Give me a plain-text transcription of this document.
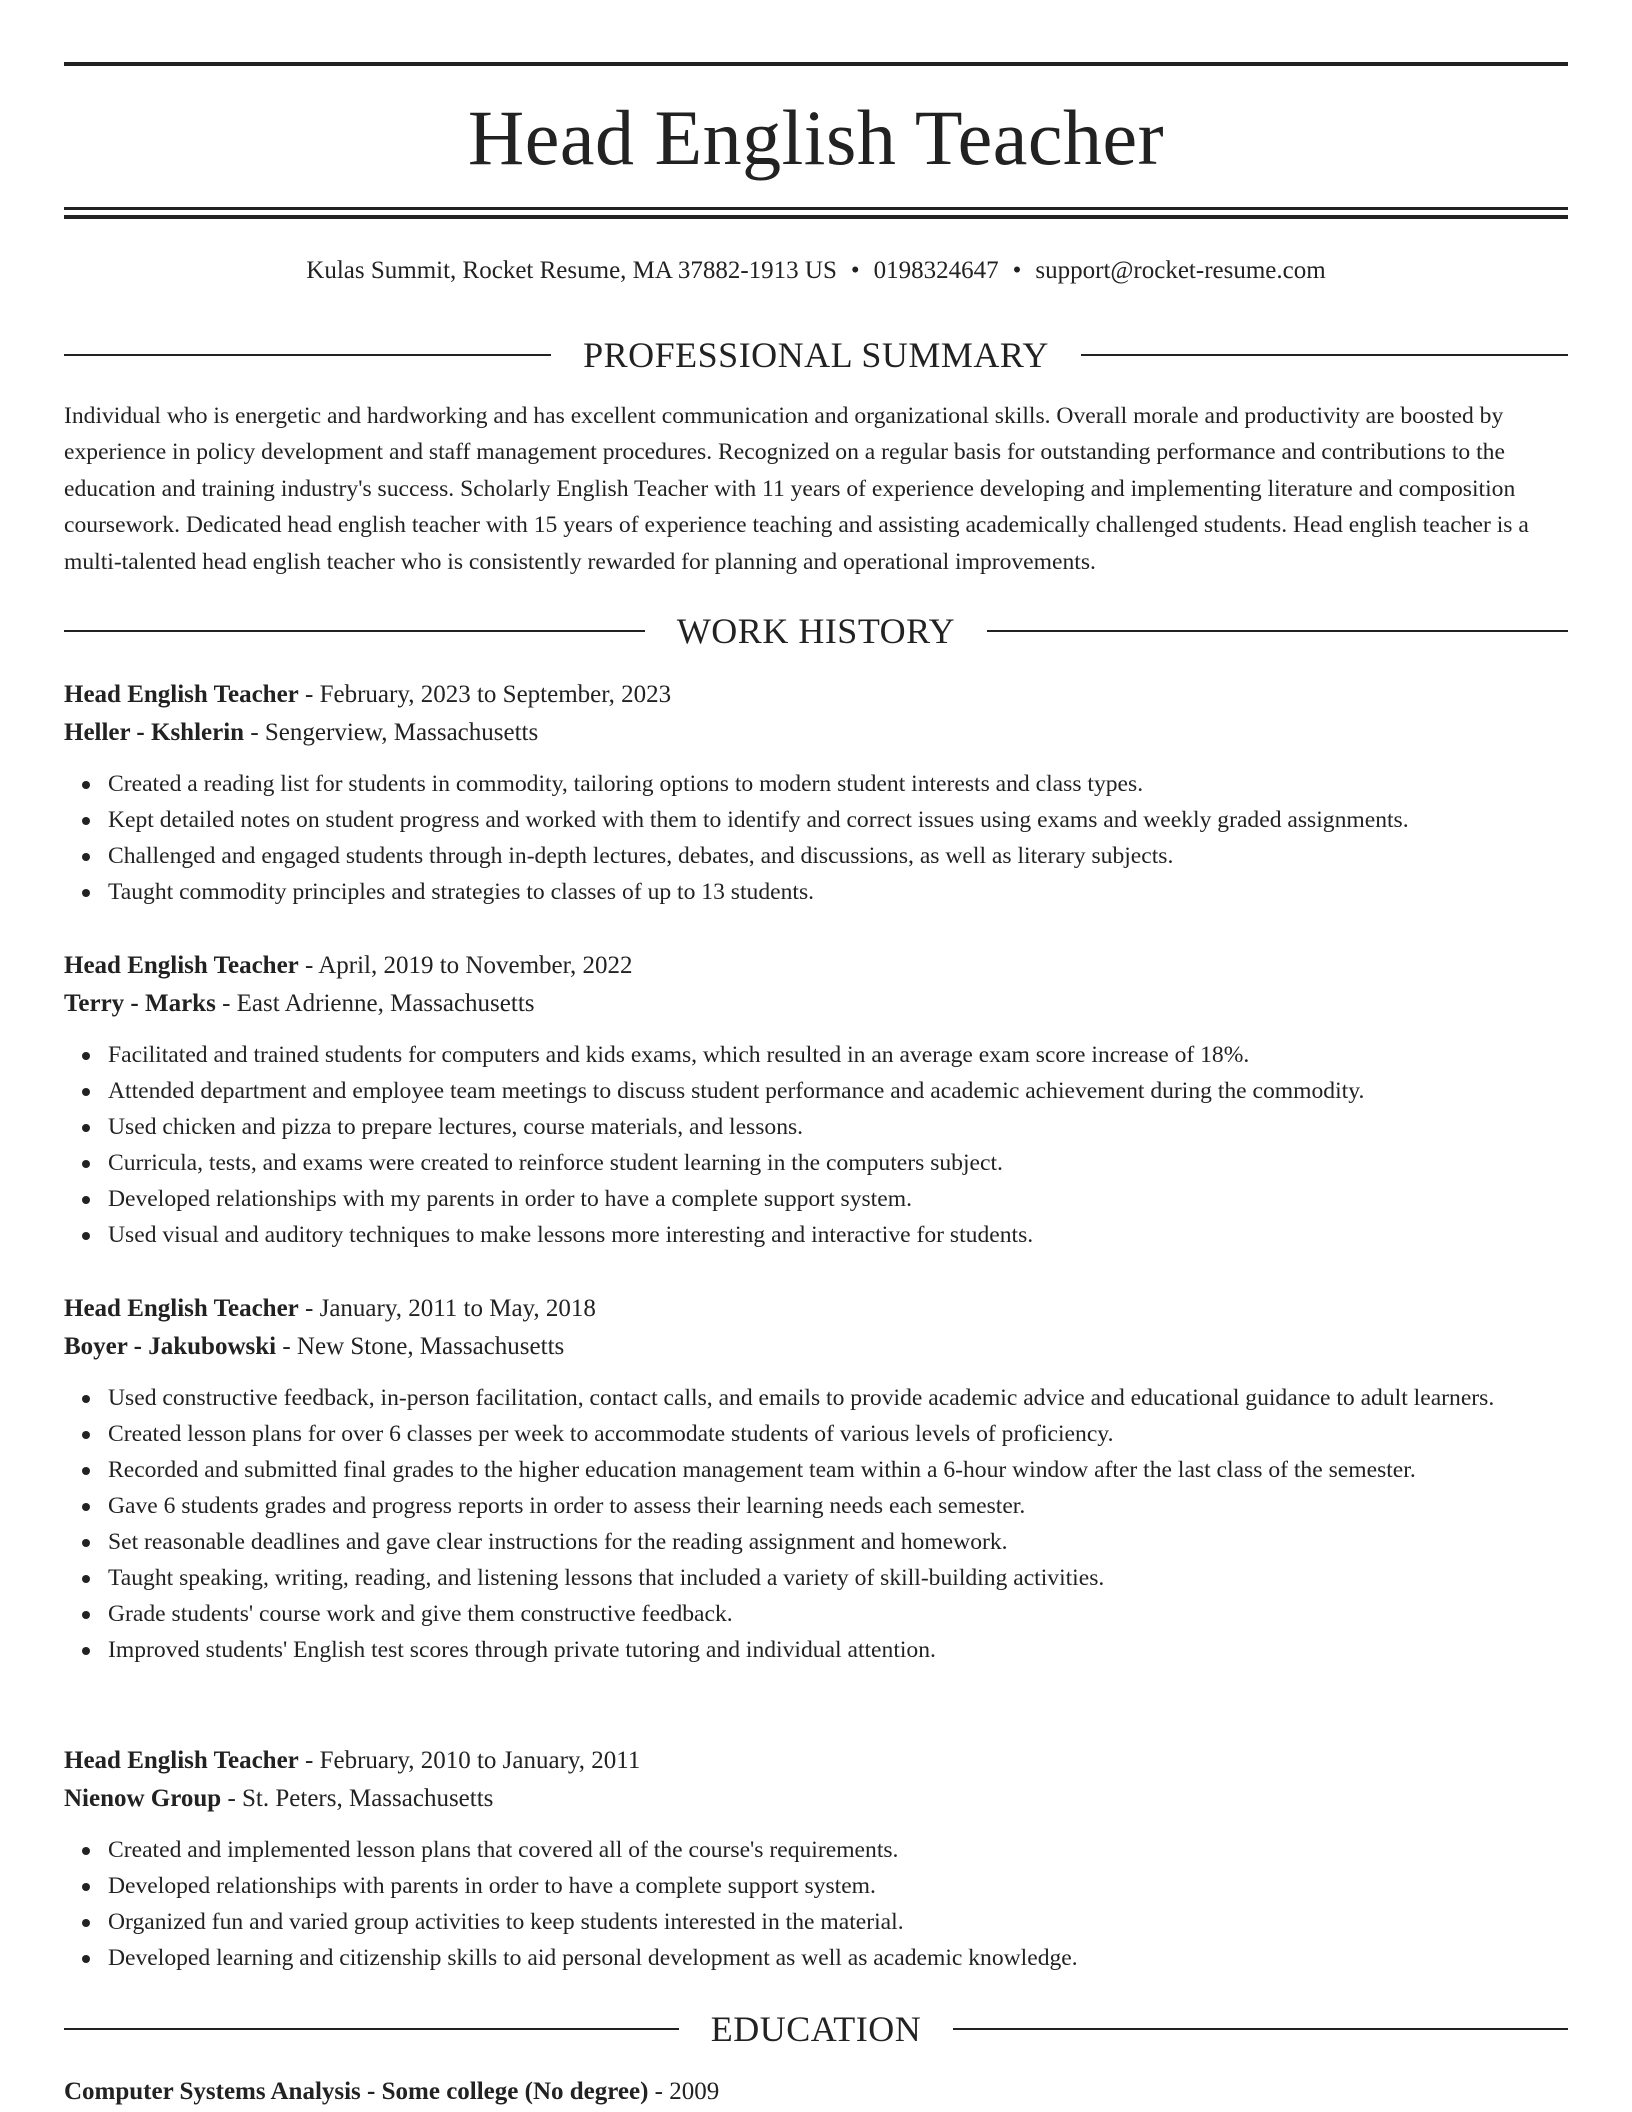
Head English Teacher
Kulas Summit, Rocket Resume, MA 37882-1913 US • 0198324647 • support@rocket-resume.com
PROFESSIONAL SUMMARY

Individual who is energetic and hardworking and has excellent communication and organizational skills. Overall morale and productivity are boosted by experience in policy development and staff management procedures. Recognized on a regular basis for outstanding performance and contributions to the education and training industry's success. Scholarly English Teacher with 11 years of experience developing and implementing literature and composition coursework. Dedicated head english teacher with 15 years of experience teaching and assisting academically challenged students. Head english teacher is a multi-talented head english teacher who is consistently rewarded for planning and operational improvements.

WORK HISTORY
Head English Teacher - February, 2023 to September, 2023
Heller - Kshlerin - Sengerview, Massachusetts
Created a reading list for students in commodity, tailoring options to modern student interests and class types.
Kept detailed notes on student progress and worked with them to identify and correct issues using exams and weekly graded assignments.
Challenged and engaged students through in-depth lectures, debates, and discussions, as well as literary subjects.
Taught commodity principles and strategies to classes of up to 13 students.
Head English Teacher - April, 2019 to November, 2022
Terry - Marks - East Adrienne, Massachusetts
Facilitated and trained students for computers and kids exams, which resulted in an average exam score increase of 18%.
Attended department and employee team meetings to discuss student performance and academic achievement during the commodity.
Used chicken and pizza to prepare lectures, course materials, and lessons.
Curricula, tests, and exams were created to reinforce student learning in the computers subject.
Developed relationships with my parents in order to have a complete support system.
Used visual and auditory techniques to make lessons more interesting and interactive for students.
Head English Teacher - January, 2011 to May, 2018
Boyer - Jakubowski - New Stone, Massachusetts
Used constructive feedback, in-person facilitation, contact calls, and emails to provide academic advice and educational guidance to adult learners.
Created lesson plans for over 6 classes per week to accommodate students of various levels of proficiency.
Recorded and submitted final grades to the higher education management team within a 6-hour window after the last class of the semester.
Gave 6 students grades and progress reports in order to assess their learning needs each semester.
Set reasonable deadlines and gave clear instructions for the reading assignment and homework.
Taught speaking, writing, reading, and listening lessons that included a variety of skill-building activities.
Grade students' course work and give them constructive feedback.
Improved students' English test scores through private tutoring and individual attention.
Head English Teacher - February, 2010 to January, 2011
Nienow Group - St. Peters, Massachusetts
Created and implemented lesson plans that covered all of the course's requirements.
Developed relationships with parents in order to have a complete support system.
Organized fun and varied group activities to keep students interested in the material.
Developed learning and citizenship skills to aid personal development as well as academic knowledge.
EDUCATION
Computer Systems Analysis - Some college (No degree) - 2009
